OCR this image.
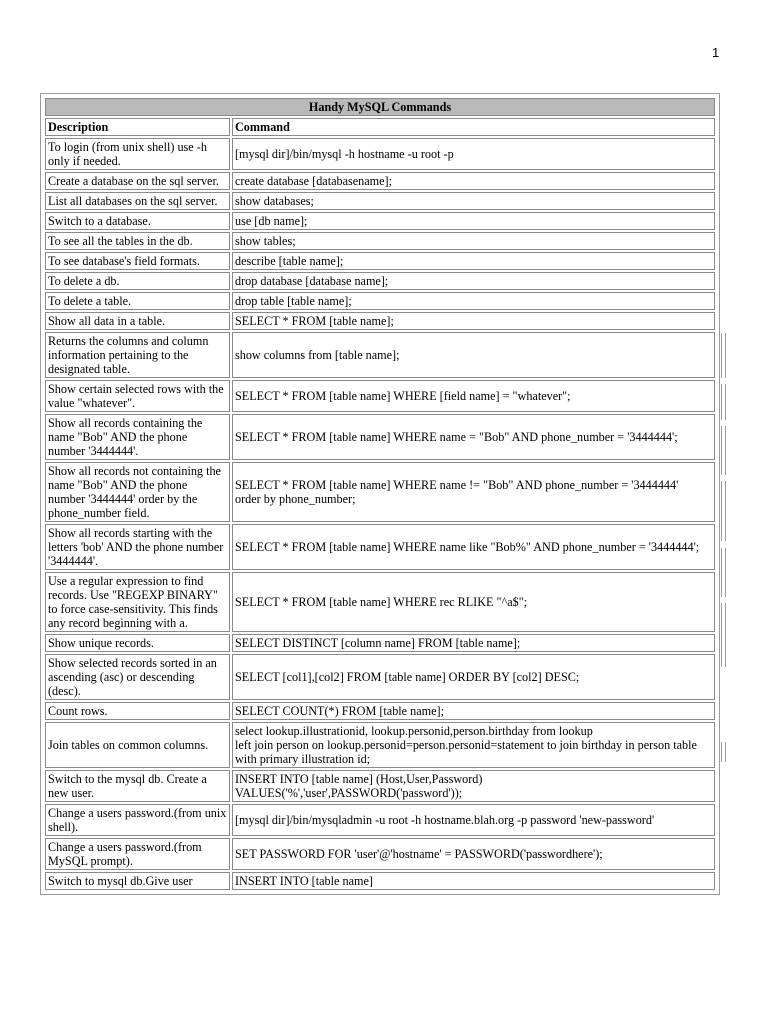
1
Handy MySQL Commands	
Description	Command
To login (from unix shell) use -h only if needed.	[mysql dir]/bin/mysql -h hostname -u root -p
Create a database on the sql server.	create database [databasename];
List all databases on the sql server.	show databases;
Switch to a database.	use [db name];
To see all the tables in the db.	show tables;
To see database's field formats.	describe [table name];
To delete a db.	drop database [database name];
To delete a table.	drop table [table name];
Show all data in a table.	SELECT * FROM [table name];
Returns the columns and column information pertaining to the designated table.	show columns from [table name];
Show certain selected rows with the value "whatever".	SELECT * FROM [table name] WHERE [field name] = "whatever";
Show all records containing the name "Bob" AND the phone number '3444444'.	SELECT * FROM [table name] WHERE name = "Bob" AND phone_number = '3444444';
Show all records not containing the name "Bob" AND the phone number '3444444' order by the phone_number field.	SELECT * FROM [table name] WHERE name != "Bob" AND phone_number = '3444444'
order by phone_number;
Show all records starting with the letters 'bob' AND the phone number '3444444'.	SELECT * FROM [table name] WHERE name like "Bob%" AND phone_number = '3444444';
Use a regular expression to find records. Use "REGEXP BINARY" to force case-sensitivity. This finds any record beginning with a.	SELECT * FROM [table name] WHERE rec RLIKE "^a$";
Show unique records.	SELECT DISTINCT [column name] FROM [table name];
Show selected records sorted in an ascending (asc) or descending (desc).	SELECT [col1],[col2] FROM [table name] ORDER BY [col2] DESC;
Count rows.	SELECT COUNT(*) FROM [table name];
Join tables on common columns.	select lookup.illustrationid, lookup.personid,person.birthday from lookup
left join person on lookup.personid=person.personid=statement to join birthday in person table with primary illustration id;
Switch to the mysql db. Create a new user.	INSERT INTO [table name] (Host,User,Password)
VALUES('%','user',PASSWORD('password'));
Change a users password.(from unix shell).	[mysql dir]/bin/mysqladmin -u root -h hostname.blah.org -p password 'new-password'
Change a users password.(from MySQL prompt).	SET PASSWORD FOR 'user'@'hostname' = PASSWORD('passwordhere');
Switch to mysql db.Give user	INSERT INTO [table name]
